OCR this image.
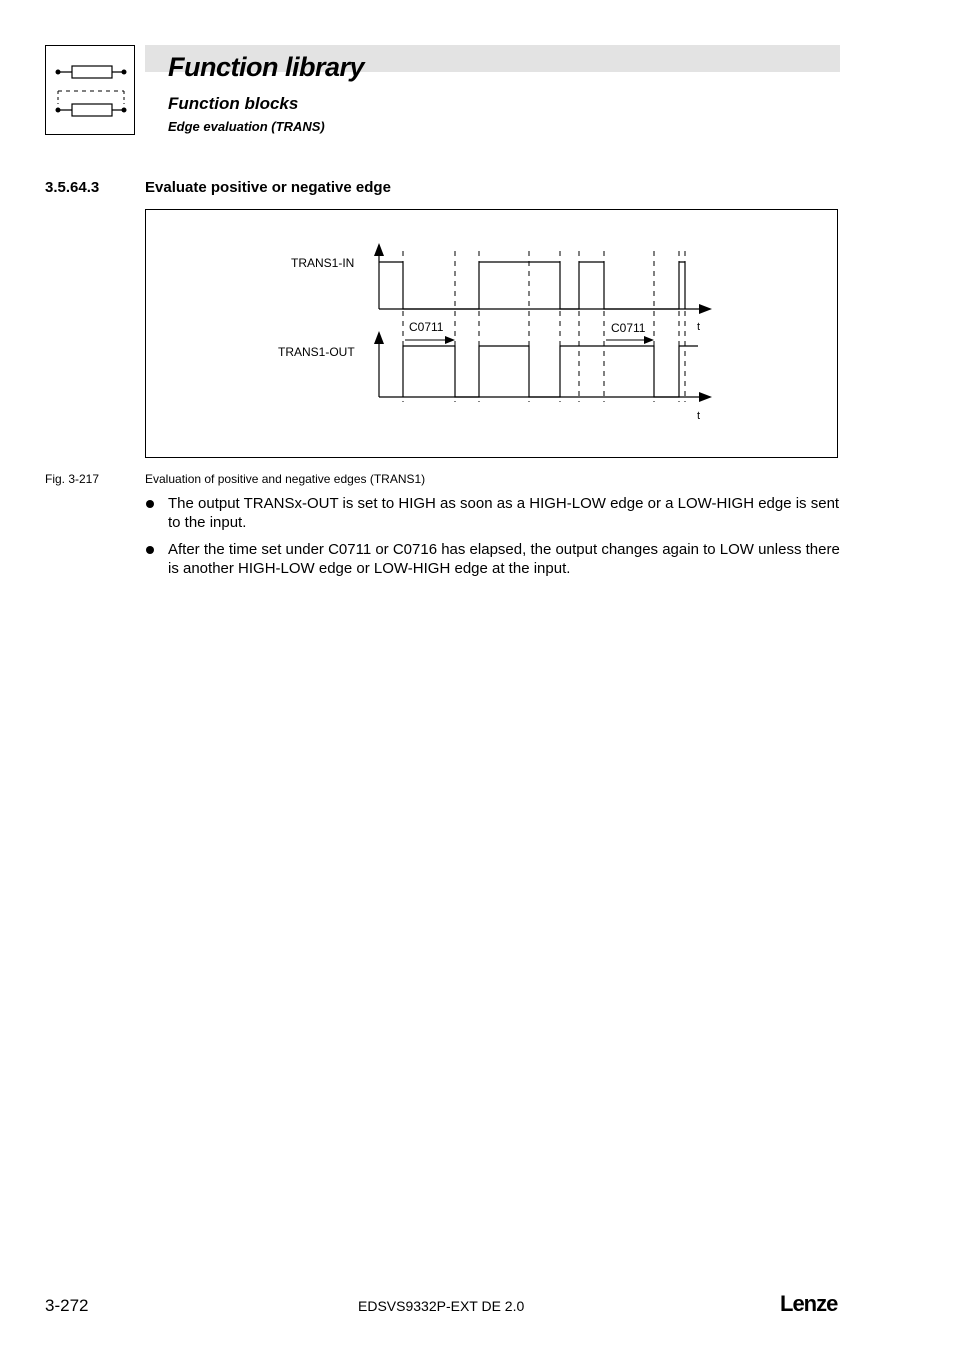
Function library
Function blocks
Edge evaluation (TRANS)
3.5.64.3	Evaluate positive or negative edge
TRANS1-IN
TRANS1-OUT
t
t
C0711	C0711
Fig. 3-217	Evaluation of positive and negative edges (TRANS1)
The output TRANSx-OUT is set to HIGH as soon as a HIGH-LOW edge or a LOW-HIGH edge is sent to the input.
After the time set under C0711 or C0716 has elapsed, the output changes again to LOW unless there is another HIGH-LOW edge or LOW-HIGH edge at the input.
3-272	EDSVS9332P-EXT DE 2.0	Lenze
